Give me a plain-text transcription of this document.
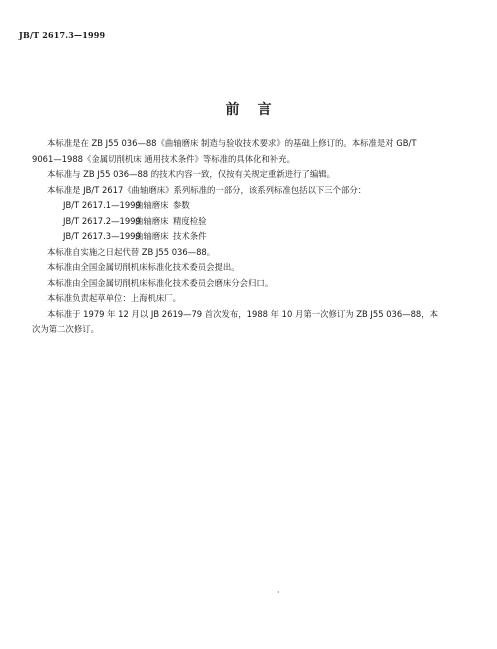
JB/T 2617.3—1999
前言
本标准是在 ZB J55 036—88《曲轴磨床 制造与验收技术要求》的基础上修订的。本标准是对 GB/T
9061—1988《金属切削机床 通用技术条件》等标准的具体化和补充。
本标准与 ZB J55 036—88 的技术内容一致，仅按有关规定重新进行了编辑。
本标准是 JB/T 2617《曲轴磨床》系列标准的一部分，该系列标准包括以下三个部分：
JB/T 2617.1—1999曲轴磨床 参数
JB/T 2617.2—1999曲轴磨床 精度检验
JB/T 2617.3—1999曲轴磨床 技术条件
本标准自实施之日起代替 ZB J55 036—88。
本标准由全国金属切削机床标准化技术委员会提出。
本标准由全国金属切削机床标准化技术委员会磨床分会归口。
本标准负责起草单位：上海机床厂。
本标准于 1979 年 12 月以 JB 2619—79 首次发布，1988 年 10 月第一次修订为 ZB J55 036—88，本
次为第二次修订。
·
